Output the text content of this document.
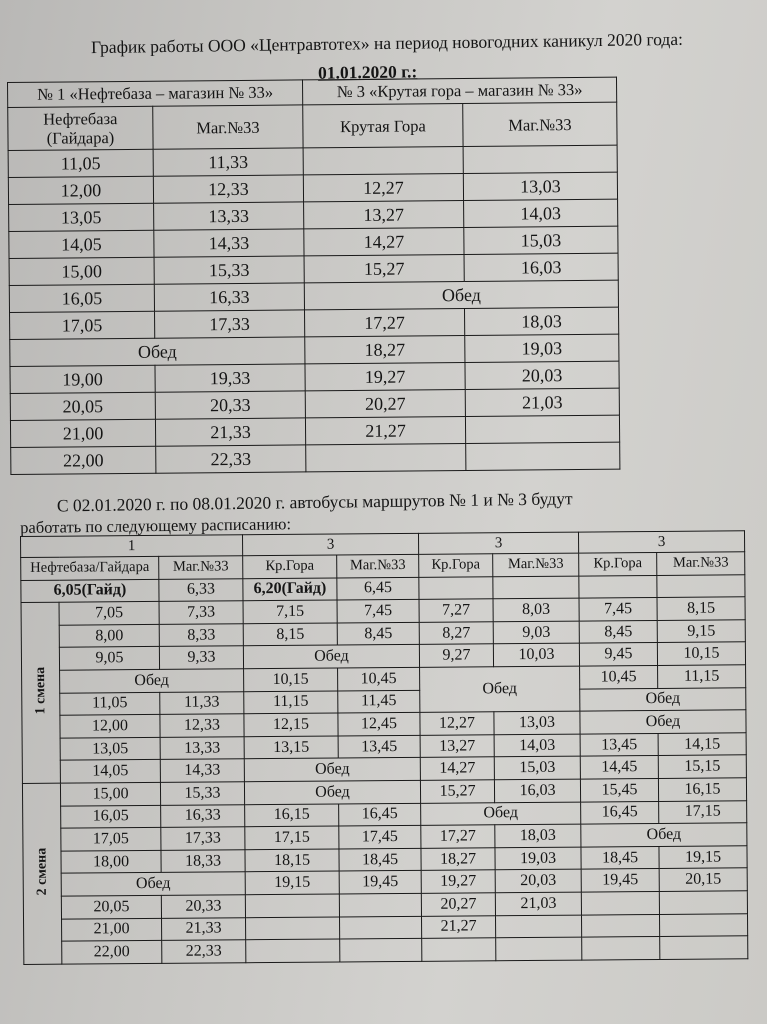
График работы ООО «Центравтотех» на период новогодних каникул 2020 года:
01.01.2020 г.:
№ 1 «Нефтебаза – магазин № 33»		№ 3 «Крутая гора – магазин № 33»	
Нефтебаза (Гайдара)	Маг.№33	Крутая Гора	Маг.№33
11,05	11,33		
12,00	12,33	12,27	13,03
13,05	13,33	13,27	14,03
14,05	14,33	14,27	15,03
15,00	15,33	15,27	16,03
16,05	16,33	Обед	
17,05	17,33	17,27	18,03
Обед		18,27	19,03
19,00	19,33	19,27	20,03
20,05	20,33	20,27	21,03
21,00	21,33	21,27	
22,00	22,33		
С 02.01.2020 г. по 08.01.2020 г. автобусы маршрутов № 1 и № 3 будут
работать по следующему расписанию:
1			3		3		3	
Нефтебаза/Гайдара		Маг.№33	Кр.Гора	Маг.№33	Кр.Гора	Маг.№33	Кр.Гора	Маг.№33
6,05(Гайд)		6,33	6,20(Гайд)	6,45				
1 смена	7,05	7,33	7,15	7,45	7,27	8,03	7,45	8,15
	8,00	8,33	8,15	8,45	8,27	9,03	8,45	9,15
	9,05	9,33	Обед		9,27	10,03	9,45	10,15
	Обед		10,15	10,45	Обед		10,45	11,15
	11,05	11,33	11,15	11,45			Обед	
	12,00	12,33	12,15	12,45	12,27	13,03	Обед	
	13,05	13,33	13,15	13,45	13,27	14,03	13,45	14,15
	14,05	14,33	Обед		14,27	15,03	14,45	15,15
2 смена	15,00	15,33	Обед		15,27	16,03	15,45	16,15
	16,05	16,33	16,15	16,45	Обед		16,45	17,15
	17,05	17,33	17,15	17,45	17,27	18,03	Обед	
	18,00	18,33	18,15	18,45	18,27	19,03	18,45	19,15
	Обед		19,15	19,45	19,27	20,03	19,45	20,15
	20,05	20,33			20,27	21,03		
	21,00	21,33			21,27			
	22,00	22,33						
